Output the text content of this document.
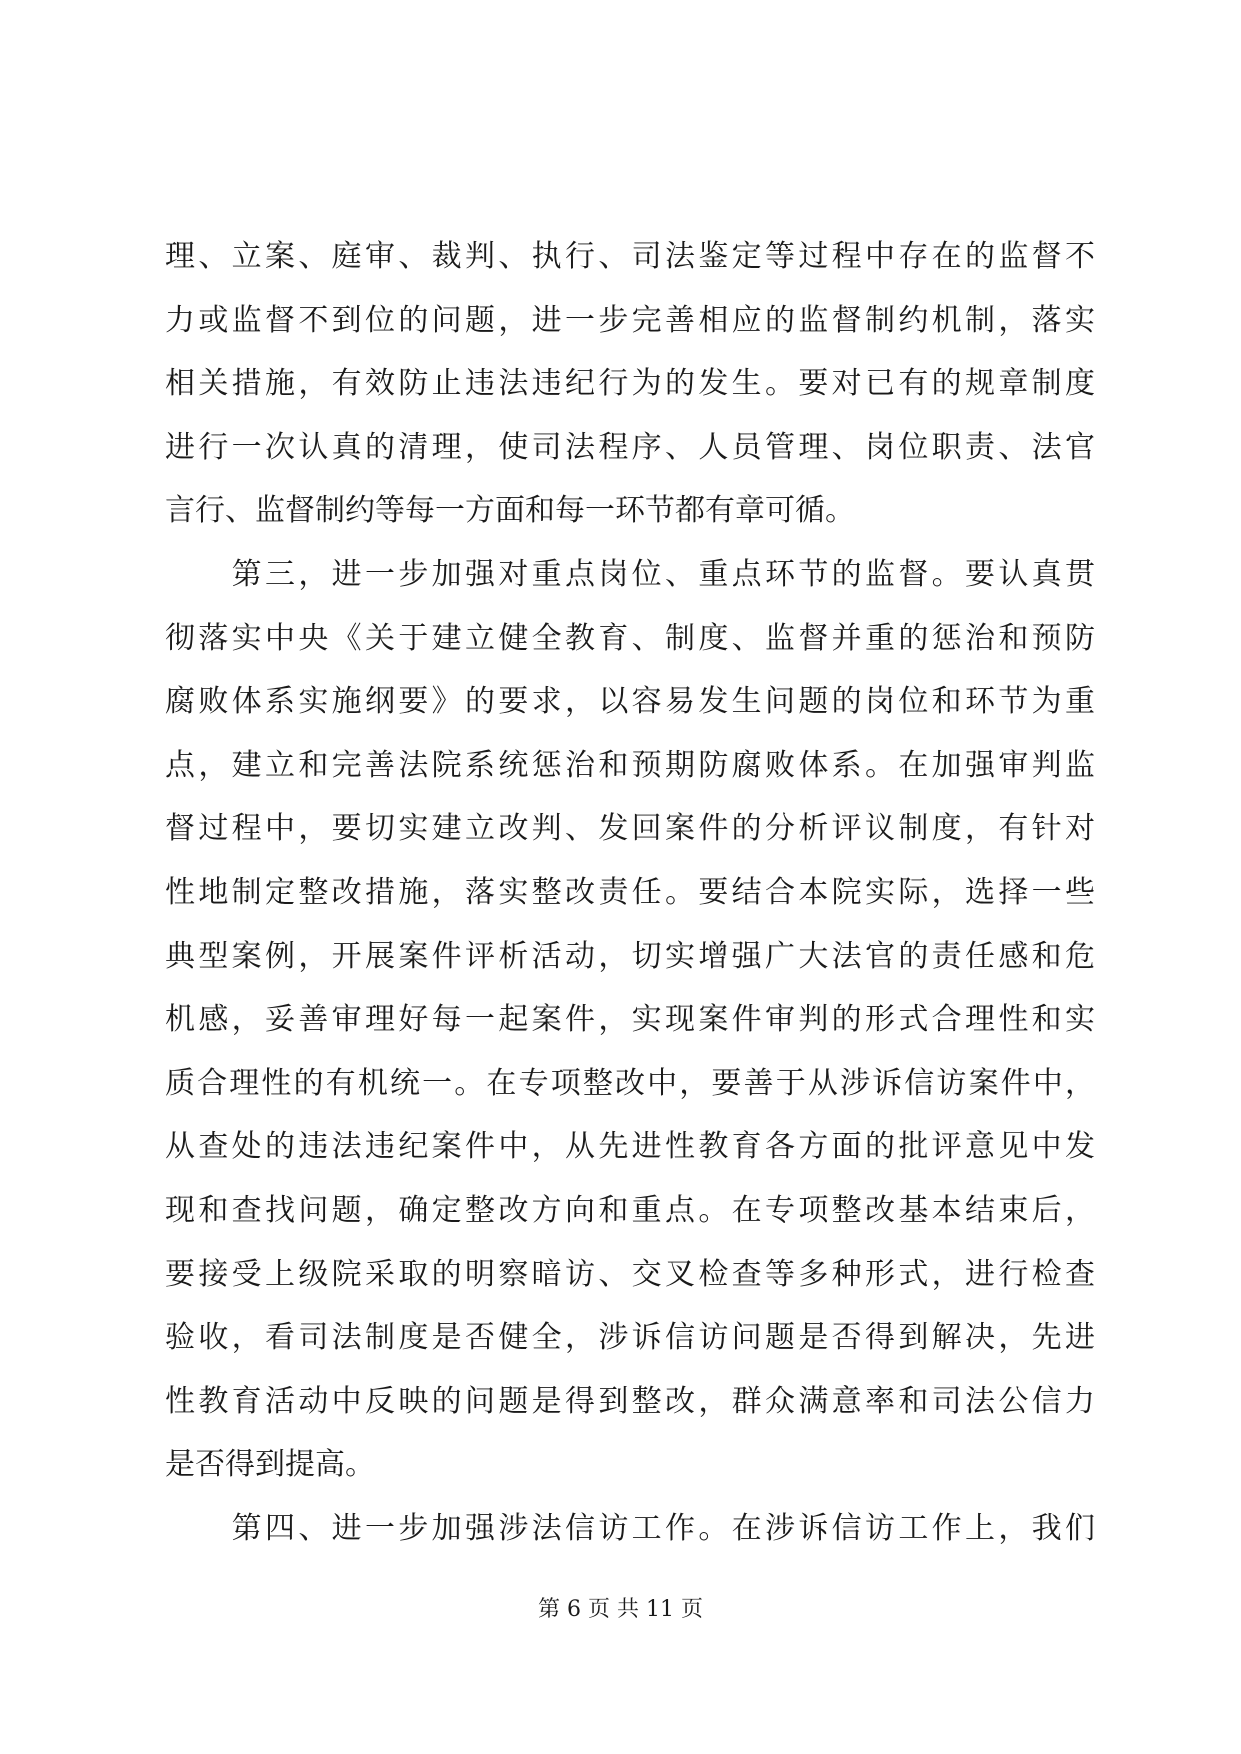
理、立案、庭审、裁判、执行、司法鉴定等过程中存在的监督不
力或监督不到位的问题，进一步完善相应的监督制约机制，落实
相关措施，有效防止违法违纪行为的发生。要对已有的规章制度
进行一次认真的清理，使司法程序、人员管理、岗位职责、法官
言行、监督制约等每一方面和每一环节都有章可循。
　　第三，进一步加强对重点岗位、重点环节的监督。要认真贯
彻落实中央《关于建立健全教育、制度、监督并重的惩治和预防
腐败体系实施纲要》的要求，以容易发生问题的岗位和环节为重
点，建立和完善法院系统惩治和预期防腐败体系。在加强审判监
督过程中，要切实建立改判、发回案件的分析评议制度，有针对
性地制定整改措施，落实整改责任。要结合本院实际，选择一些
典型案例，开展案件评析活动，切实增强广大法官的责任感和危
机感，妥善审理好每一起案件，实现案件审判的形式合理性和实
质合理性的有机统一。在专项整改中，要善于从涉诉信访案件中，
从查处的违法违纪案件中，从先进性教育各方面的批评意见中发
现和查找问题，确定整改方向和重点。在专项整改基本结束后，
要接受上级院采取的明察暗访、交叉检查等多种形式，进行检查
验收，看司法制度是否健全，涉诉信访问题是否得到解决，先进
性教育活动中反映的问题是得到整改，群众满意率和司法公信力
是否得到提高。
　　第四、进一步加强涉法信访工作。在涉诉信访工作上，我们
第 6 页 共 11 页
